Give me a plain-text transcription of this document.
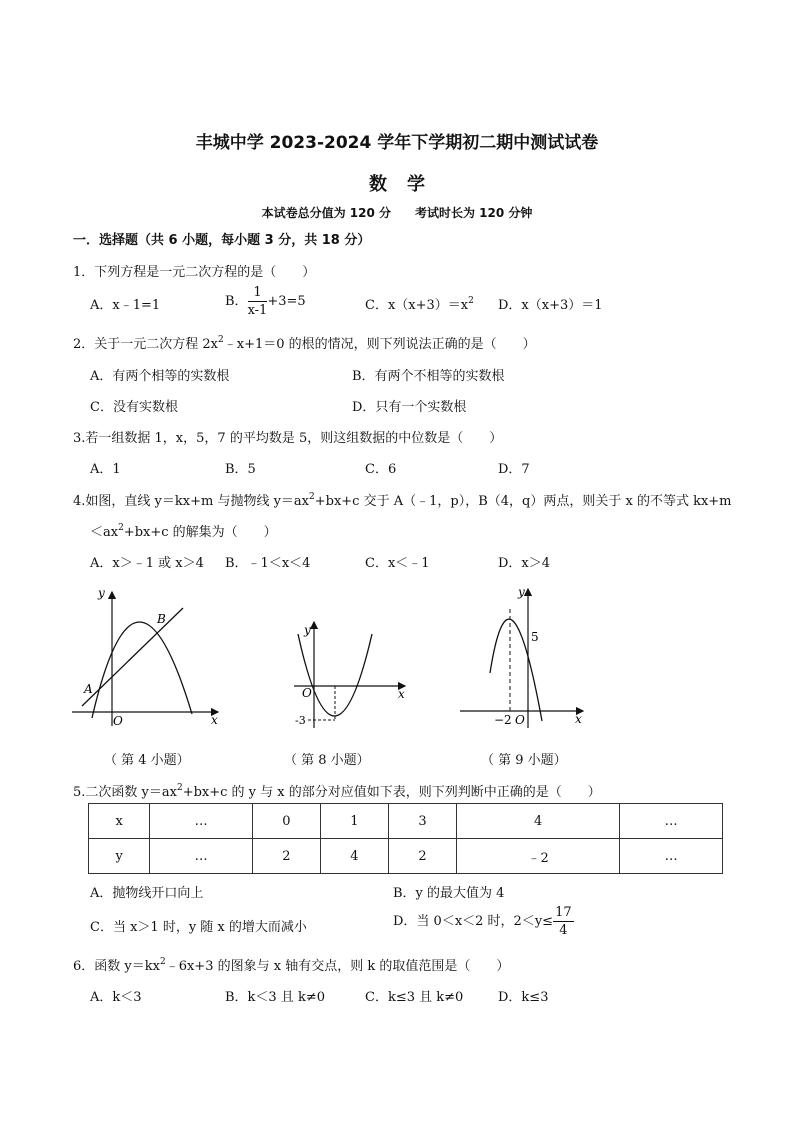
丰城中学 2023-2024 学年下学期初二期中测试试卷
数学
本试卷总分值为 120 分　　考试时长为 120 分钟
一．选择题（共 6 小题，每小题 3 分，共 18 分）
1．下列方程是一元二次方程的是（　　）
A．x﹣1=1	B． $\frac{1}{x-1} +3=5$	C．$x(x+3)=x^2$ D．x（x+3）＝1
2．关于一元二次方程 $2x^2﹣x+1=0$ 的根的情况，则下列说法正确的是（　　）
A．有两个相等的实数根	B．有两个不相等的实数根
C．没有实数根	D．只有一个实数根
3.若一组数据 1，x，5，7 的平均数是 5，则这组数据的中位数是（　　）
A．1	B．5	C．6	D．7
4.如图，直线 y＝kx+m 与抛物线 $y=ax^2+bx+c$ 交于 A（﹣1，p），B（4，q）两点，则关于 x 的不等式 kx+m
$<ax^2+bx+c$ 的解集为（　　）
A．x＞﹣1 或 x＞4 B．﹣1＜x＜4	C．x＜﹣1	D．x＞4
y
x
O
A
B
（ 第 4 小题）
y
x
O
-3
（ 第 8 小题）
y
x
5
−2 O
（ 第 9 小题）
5.二次函数 $y=ax^2+bx+c$ 的 y 与 x 的部分对应值如下表，则下列判断中正确的是（　　）
x	…	0	1	3	4	…
y	…	2	4	2	﹣2	…
A．抛物线开口向上	B．y 的最大值为 4
C．当 x＞1 时，y 随 x 的增大而减小	D．当 0＜x＜2 时，$2<y\le \frac{17}{4}$
6．函数 $y=kx^2﹣6x+3$ 的图象与 x 轴有交点，则 k 的取值范围是（　　）
A．k＜3	B．k＜3 且 k≠0	C．k≤3 且 k≠0	D．k≤3
